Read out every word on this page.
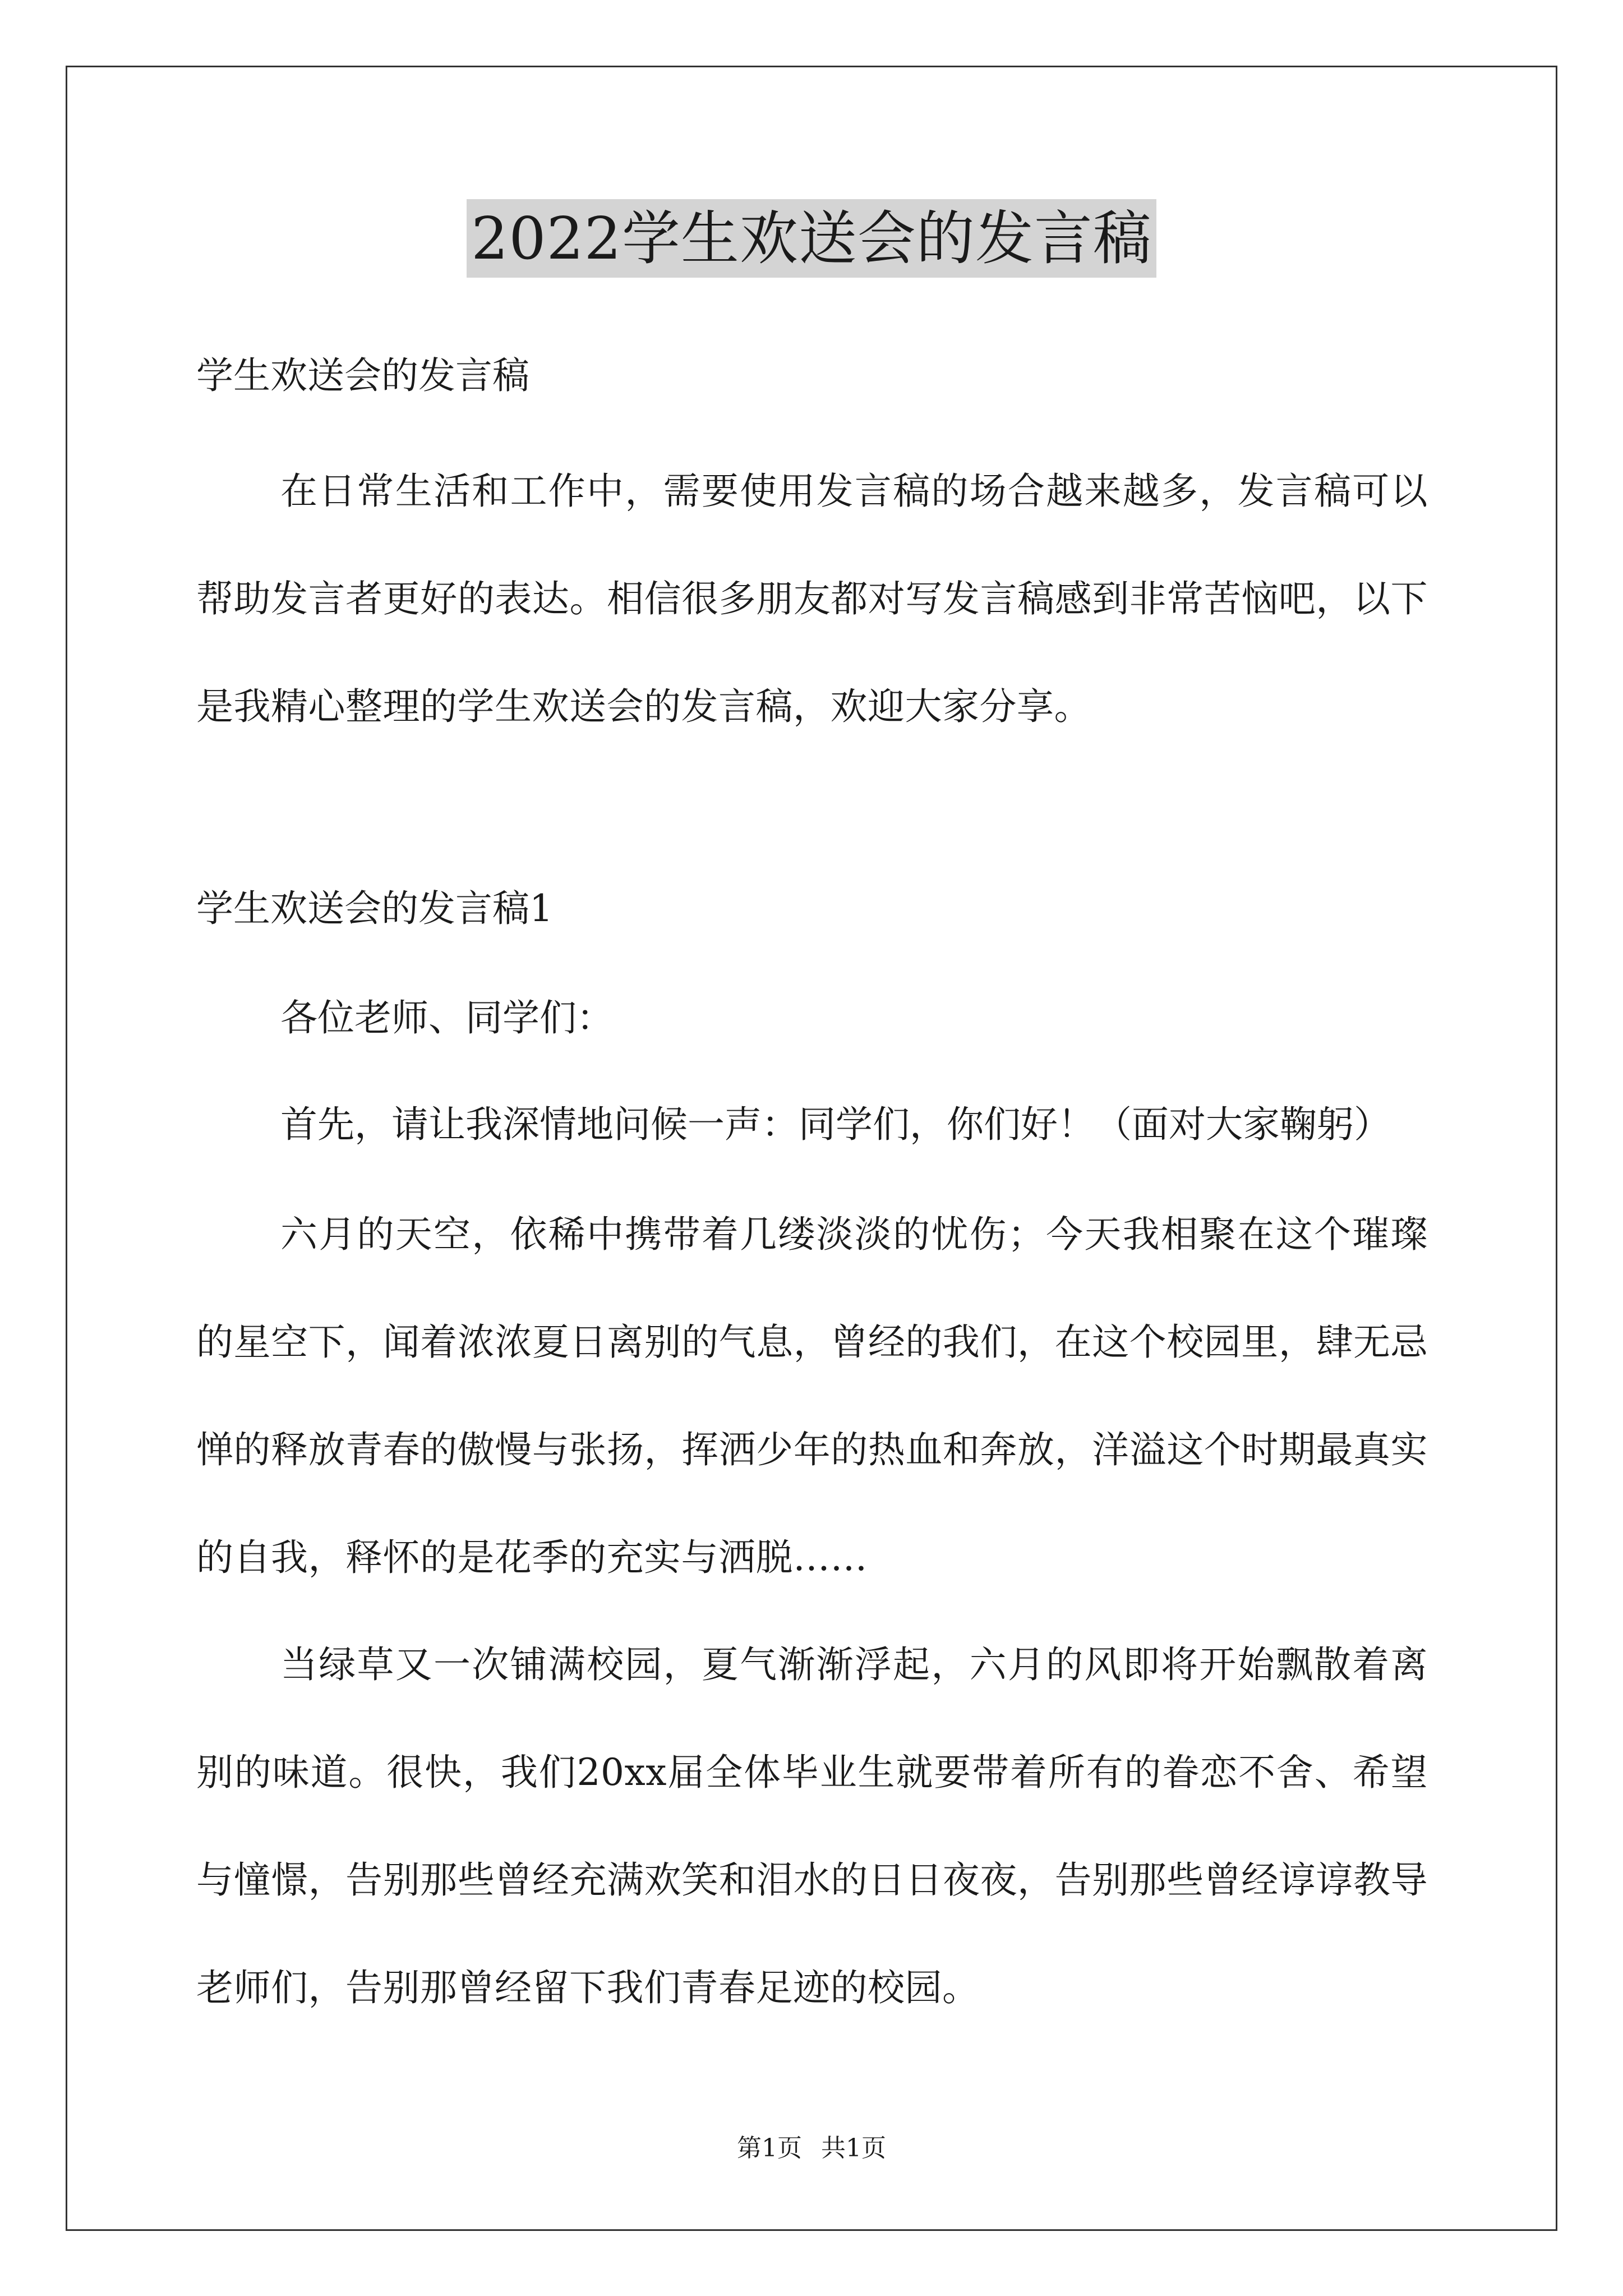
2022学生欢送会的发言稿
学生欢送会的发言稿

在日常生活和工作中，需要使用发言稿的场合越来越多，发言稿可以帮助发言者更好的表达。相信很多朋友都对写发言稿感到非常苦恼吧，以下是我精心整理的学生欢送会的发言稿，欢迎大家分享。

学生欢送会的发言稿1

各位老师、同学们：

首先，请让我深情地问候一声：同学们，你们好！（面对大家鞠躬）

六月的天空，依稀中携带着几缕淡淡的忧伤；今天我相聚在这个璀璨的星空下，闻着浓浓夏日离别的气息，曾经的我们，在这个校园里，肆无忌惮的释放青春的傲慢与张扬，挥洒少年的热血和奔放，洋溢这个时期最真实的自我，释怀的是花季的充实与洒脱……

当绿草又一次铺满校园，夏气渐渐浮起，六月的风即将开始飘散着离别的味道。很快，我们20xx届全体毕业生就要带着所有的眷恋不舍、希望与憧憬，告别那些曾经充满欢笑和泪水的日日夜夜，告别那些曾经谆谆教导老师们，告别那曾经留下我们青春足迹的校园。

第1页 共1页
